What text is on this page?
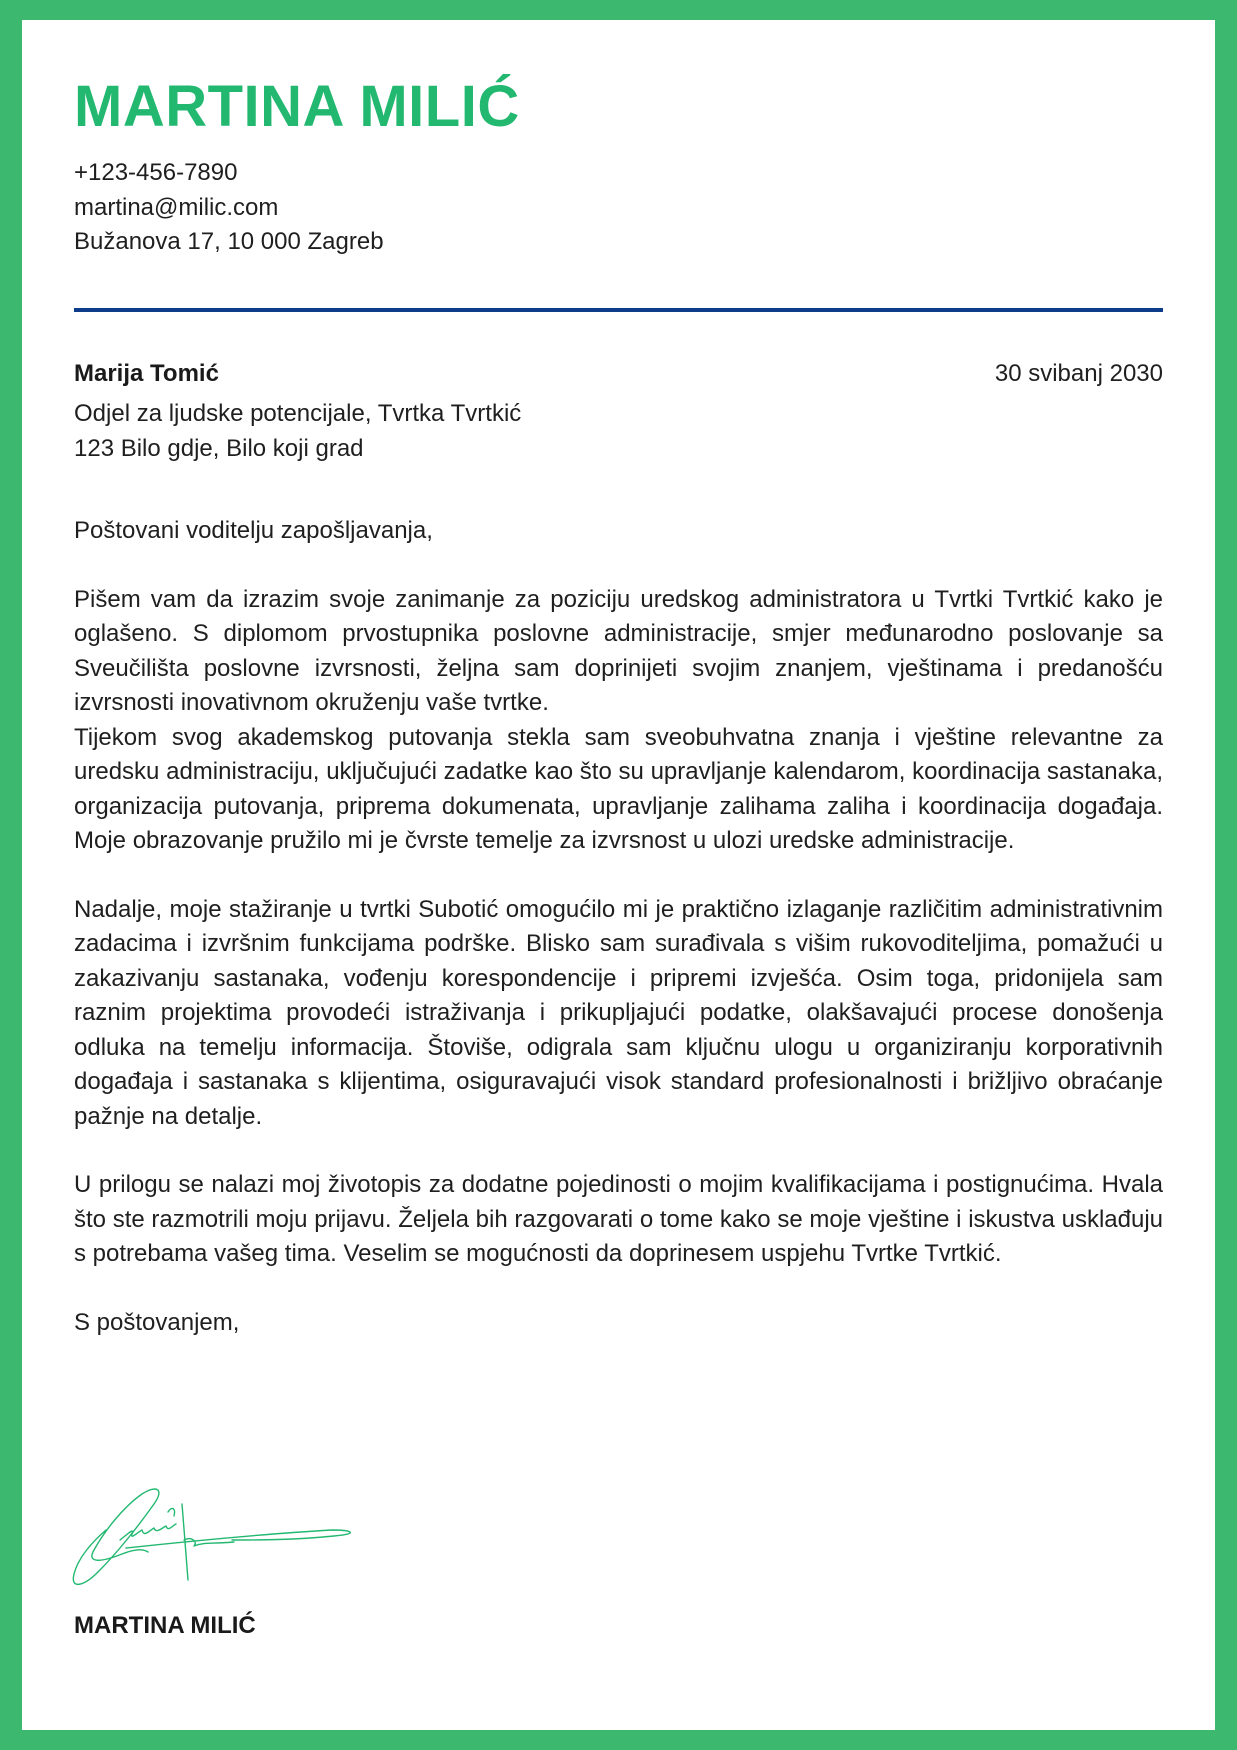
MARTINA MILIĆ
+123-456-7890
martina@milic.com
Bužanova 17, 10 000 Zagreb
Marija Tomić	30 svibanj 2030
Odjel za ljudske potencijale, Tvrtka Tvrtkić
123 Bilo gdje, Bilo koji grad

Poštovani voditelju zapošljavanja,

Pišem vam da izrazim svoje zanimanje za poziciju uredskog administratora u Tvrtki Tvrtkić kako je oglašeno. S diplomom prvostupnika poslovne administracije, smjer međunarodno poslovanje sa Sveučilišta poslovne izvrsnosti, željna sam doprinijeti svojim znanjem, vještinama i predanošću izvrsnosti inovativnom okruženju vaše tvrtke.

Tijekom svog akademskog putovanja stekla sam sveobuhvatna znanja i vještine relevantne za uredsku administraciju, uključujući zadatke kao što su upravljanje kalendarom, koordinacija sastanaka, organizacija putovanja, priprema dokumenata, upravljanje zalihama zaliha i koordinacija događaja. Moje obrazovanje pružilo mi je čvrste temelje za izvrsnost u ulozi uredske administracije.

Nadalje, moje stažiranje u tvrtki Subotić omogućilo mi je praktično izlaganje različitim administrativnim zadacima i izvršnim funkcijama podrške. Blisko sam surađivala s višim rukovoditeljima, pomažući u zakazivanju sastanaka, vođenju korespondencije i pripremi izvješća. Osim toga, pridonijela sam raznim projektima provodeći istraživanja i prikupljajući podatke, olakšavajući procese donošenja odluka na temelju informacija. Štoviše, odigrala sam ključnu ulogu u organiziranju korporativnih događaja i sastanaka s klijentima, osiguravajući visok standard profesionalnosti i brižljivo obraćanje pažnje na detalje.

U prilogu se nalazi moj životopis za dodatne pojedinosti o mojim kvalifikacijama i postignućima. Hvala što ste razmotrili moju prijavu. Željela bih razgovarati o tome kako se moje vještine i iskustva usklađuju s potrebama vašeg tima. Veselim se mogućnosti da doprinesem uspjehu Tvrtke Tvrtkić.

S poštovanjem,

MARTINA MILIĆ
